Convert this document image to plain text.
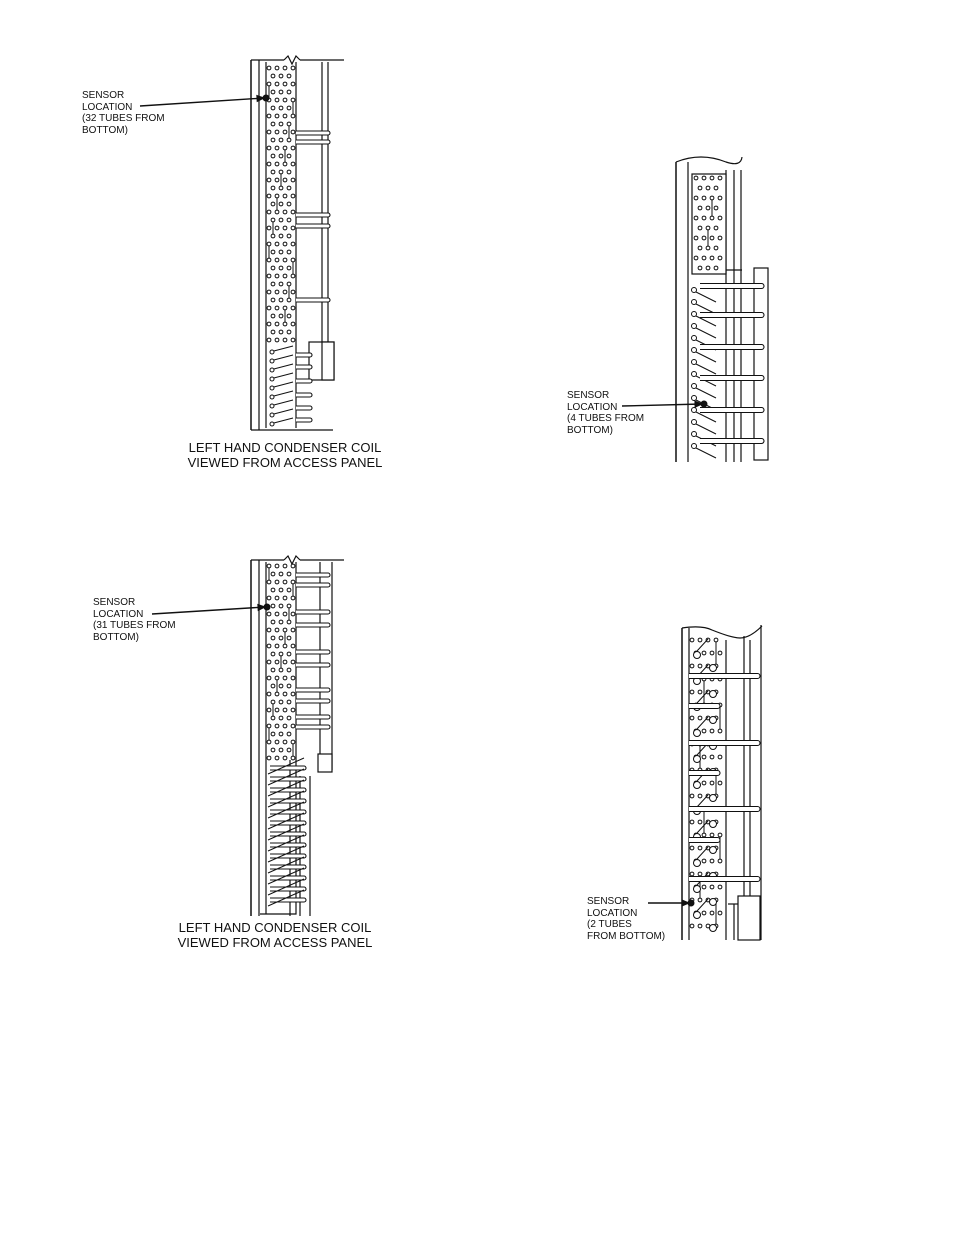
SENSOR
LOCATION
(32 TUBES FROM
BOTTOM)
LEFT HAND CONDENSER COIL
VIEWED FROM ACCESS PANEL
SENSOR
LOCATION
(4 TUBES FROM
BOTTOM)
SENSOR
LOCATION
(31 TUBES FROM
BOTTOM)
LEFT HAND CONDENSER COIL
VIEWED FROM ACCESS PANEL
SENSOR
LOCATION
(2 TUBES
FROM BOTTOM)
